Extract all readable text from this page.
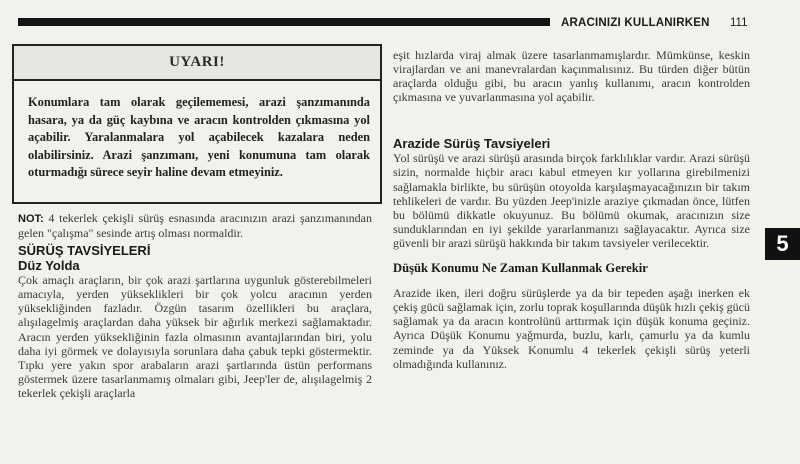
ARACINIZI KULLANIRKEN 111
5
UYARI!
Konumlara tam olarak geçilememesi, arazi şanzımanında hasara, ya da güç kaybına ve aracın kontrolden çıkmasına yol açabilir. Yaralanmalara yol açabilecek kazalara neden olabilirsiniz. Arazi şanzımanı, yeni konumuna tam olarak oturmadığı sürece seyir haline devam etmeyiniz.

NOT: 4 tekerlek çekişli sürüş esnasında aracınızın arazi şanzımanından gelen "çalışma" sesinde artış olması normaldir.

SÜRÜŞ TAVSİYELERİ
Düz Yolda

Çok amaçlı araçların, bir çok arazi şartlarına uygunluk gösterebilmeleri amacıyla, yerden yükseklikleri bir çok yolcu aracının yerden yüksekliğinden fazladır. Özgün tasarım özellikleri bu araçlara, alışılagelmiş araçlardan daha yüksek bir ağırlık merkezi sağlamaktadır. Aracın yerden yüksekliğinin fazla olmasının avantajlarından biri, yolu daha iyi görmek ve dolayısıyla sorunlara daha çabuk tepki göstermektir. Tıpkı yere yakın spor arabaların arazi şartlarında üstün performans göstermek üzere tasarlanmamış olmaları gibi, Jeep'ler de, alışılagelmiş 2 tekerlek çekişli araçlarla

eşit hızlarda viraj almak üzere tasarlanmamışlardır. Mümkünse, keskin virajlardan ve ani manevralardan kaçınmalısınız. Bu türden diğer bütün araçlarda olduğu gibi, bu aracın yanlış kullanımı, aracın kontrolden çıkmasına ve yuvarlanmasına yol açabilir.

Arazide Sürüş Tavsiyeleri

Yol sürüşü ve arazi sürüşü arasında birçok farklılıklar vardır. Arazi sürüşü sizin, normalde hiçbir aracı kabul etmeyen kır yollarına girebilmenizi sağlamakla birlikte, bu sürüşün otoyolda karşılaşmayacağınızın bir takım tehlikeleri de vardır. Bu yüzden Jeep'inizle araziye çıkmadan önce, lütfen bu bölümü dikkatle okuyunuz. Bu bölümü okumak, aracınızın size sunduklarından en iyi şekilde yararlanmanızı sağlayacaktır. Ayrıca size güvenli bir arazi sürüşü hakkında bir takım tavsiyeler verilecektir.

Düşük Konumu Ne Zaman Kullanmak Gerekir

Arazide iken, ileri doğru sürüşlerde ya da bir tepeden aşağı inerken ek çekiş gücü sağlamak için, zorlu toprak koşullarında düşük hızlı çekiş gücü sağlamak ya da aracın kontrolünü arttırmak için düşük konuma geçiniz. Ayrıca Düşük Konumu yağmurda, buzlu, karlı, çamurlu ya da kumlu zeminde ya da Yüksek Konumlu 4 tekerlek çekişli sürüş yeterli olmadığında kullanınız.
